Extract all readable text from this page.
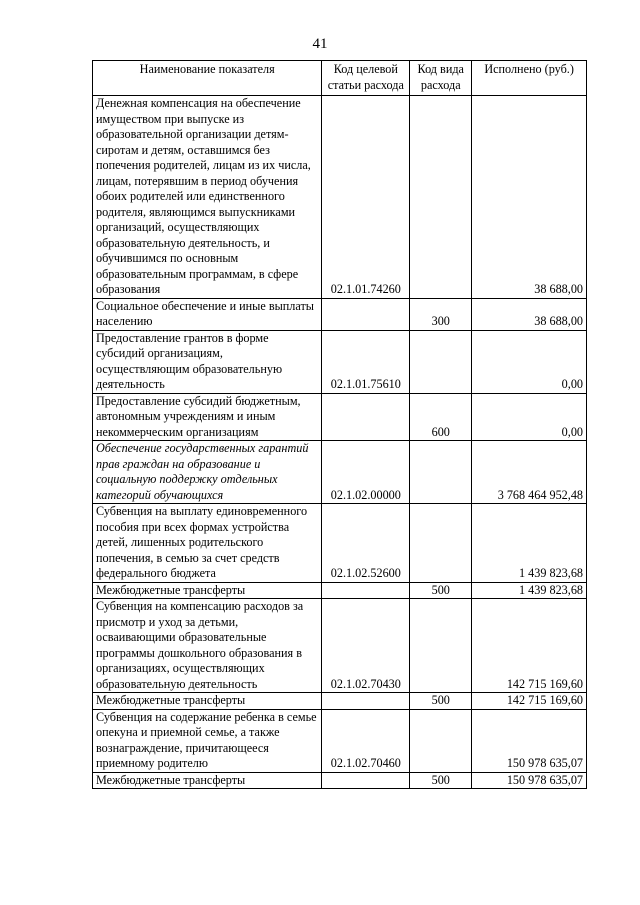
41
Наименование показателя	Код целевой статьи расхода	Код вида расхода	Исполнено (руб.)
Денежная компенсация на обеспечение имуществом при выпуске из образовательной организации детям-сиротам и детям, оставшимся без попечения родителей, лицам из их числа, лицам, потерявшим в период обучения обоих родителей или единственного родителя, являющимся выпускниками организаций, осуществляющих образовательную деятельность, и обучившимся по основным образовательным программам, в сфере образования	02.1.01.74260		38 688,00
Социальное обеспечение и иные выплаты населению		300	38 688,00
Предоставление грантов в форме субсидий организациям, осуществляющим образовательную деятельность	02.1.01.75610		0,00
Предоставление субсидий бюджетным, автономным учреждениям и иным некоммерческим организациям		600	0,00
Обеспечение государственных гарантий прав граждан на образование и социальную поддержку отдельных категорий обучающихся	02.1.02.00000		3 768 464 952,48
Субвенция на выплату единовременного пособия при всех формах устройства детей, лишенных родительского попечения, в семью за счет средств федерального бюджета	02.1.02.52600		1 439 823,68
Межбюджетные трансферты		500	1 439 823,68
Субвенция на компенсацию расходов за присмотр и уход за детьми, осваивающими образовательные программы дошкольного образования в организациях, осуществляющих образовательную деятельность	02.1.02.70430		142 715 169,60
Межбюджетные трансферты		500	142 715 169,60
Субвенция на содержание ребенка в семье опекуна и приемной семье, а также вознаграждение, причитающееся приемному родителю	02.1.02.70460		150 978 635,07
Межбюджетные трансферты		500	150 978 635,07
